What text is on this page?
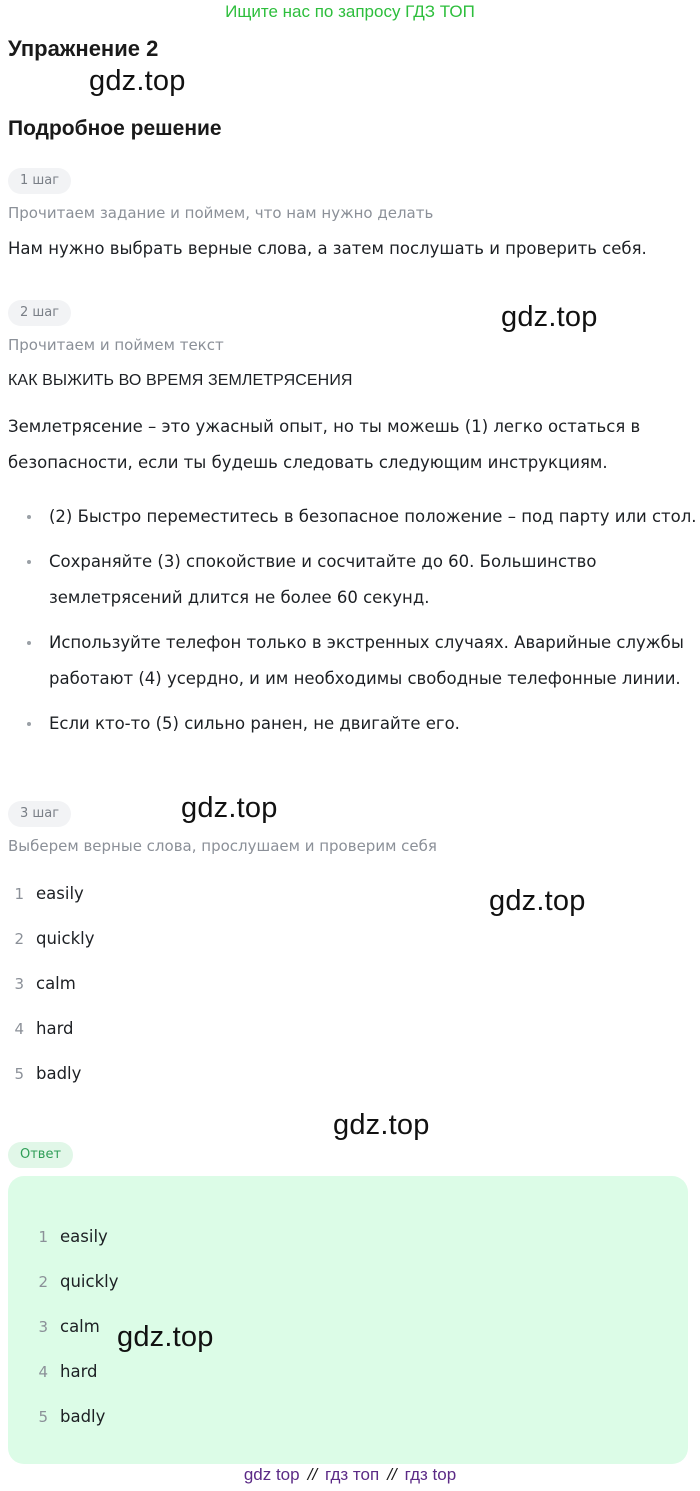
Ищите нас по запросу ГДЗ ТОП
Упражнение 2
gdz.top
Подробное решение
1 шаг
Прочитаем задание и поймем, что нам нужно делать
Нам нужно выбрать верные слова, а затем послушать и проверить себя.
2 шаг	gdz.top
Прочитаем и поймем текст
КАК ВЫЖИТЬ ВО ВРЕМЯ ЗЕМЛЕТРЯСЕНИЯ

Землетрясение – это ужасный опыт, но ты можешь (1) легко остаться в безопасности, если ты будешь следовать следующим инструкциям.

(2) Быстро переместитесь в безопасное положение – под парту или стол.
Сохраняйте (3) спокойствие и сосчитайте до 60. Большинство землетрясений длится не более 60 секунд.
Используйте телефон только в экстренных случаях. Аварийные службы работают (4) усердно, и им необходимы свободные телефонные линии.
Если кто-то (5) сильно ранен, не двигайте его.
3 шаг	gdz.top
Выберем верные слова, прослушаем и проверим себя
gdz.top
1 easily
2 quickly
3 calm
4 hard
5 badly
gdz.top
Ответ
1 easily
2 quickly
3 calm
4 hard
5 badly
gdz.top
gdz top // гдз топ // гдз top
